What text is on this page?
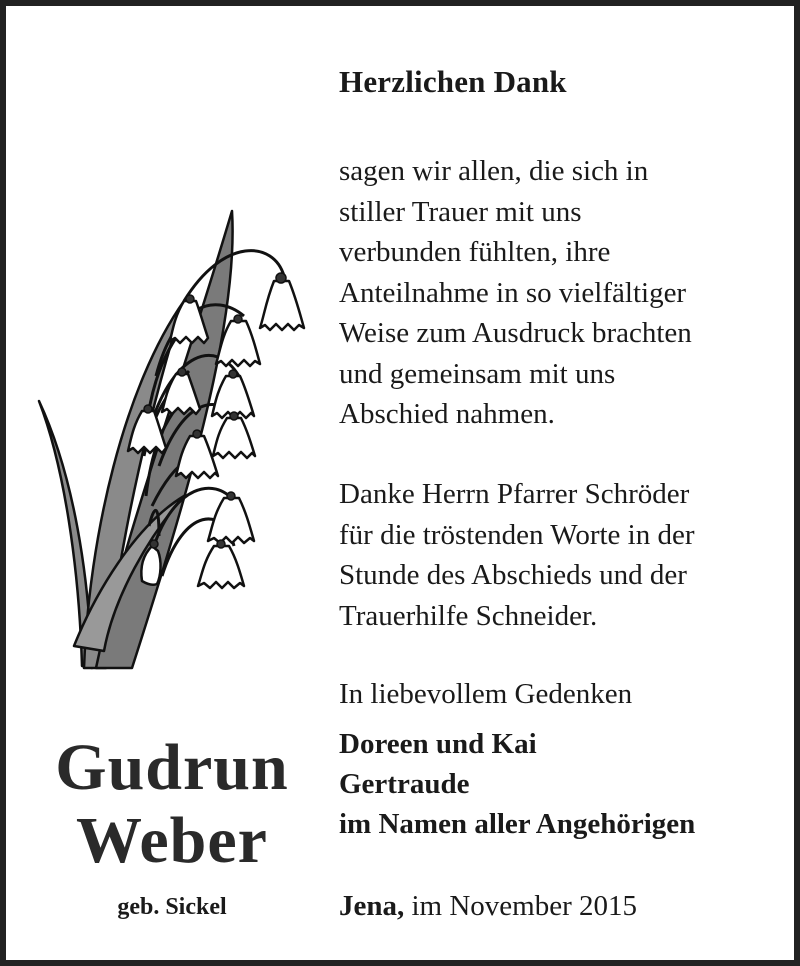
Herzlichen Dank
sagen wir allen, die sich in
stiller Trauer mit uns
verbunden fühlten, ihre
Anteilnahme in so vielfältiger
Weise zum Ausdruck brachten
und gemeinsam mit uns
Abschied nahmen.
Danke Herrn Pfarrer Schröder
für die tröstenden Worte in der
Stunde des Abschieds und der
Trauerhilfe Schneider.
In liebevollem Gedenken
Doreen und Kai
Gertraude
im Namen aller Angehörigen
Jena, im November 2015
Gudrun
Weber
geb. Sickel
